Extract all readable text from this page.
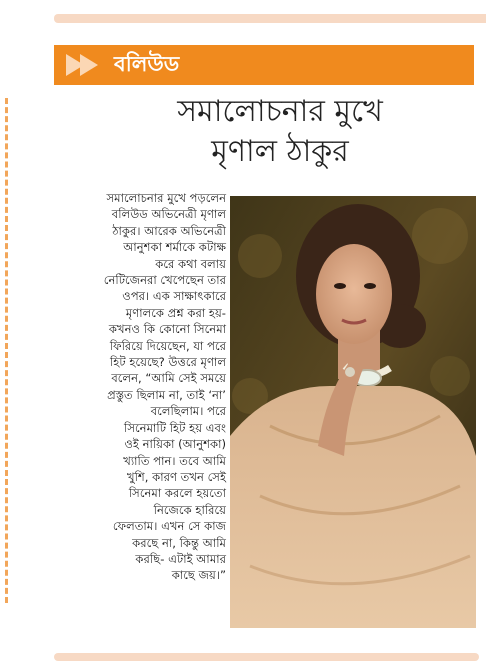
বলিউড
সমালোচনার মুখে
মৃণাল ঠাকুর
সমালোচনার মুখে পড়লেন
বলিউড অভিনেত্রী মৃণাল
ঠাকুর। আরেক অভিনেত্রী
আনুশকা শর্মাকে কটাক্ষ
করে কথা বলায়
নেটিজেনরা খেপেছেন তার
ওপর। এক সাক্ষাৎকারে
মৃণালকে প্রশ্ন করা হয়-
কখনও কি কোনো সিনেমা
ফিরিয়ে দিয়েছেন, যা পরে
হিট হয়েছে? উত্তরে মৃণাল
বলেন, “আমি সেই সময়ে
প্রস্তুত ছিলাম না, তাই ‘না’
বলেছিলাম। পরে
সিনেমাটি হিট হয় এবং
ওই নায়িকা (আনুশকা)
খ্যাতি পান। তবে আমি
খুশি, কারণ তখন সেই
সিনেমা করলে হয়তো
নিজেকে হারিয়ে
ফেলতাম। এখন সে কাজ
করছে না, কিন্তু আমি
করছি- এটাই আমার
কাছে জয়।”
